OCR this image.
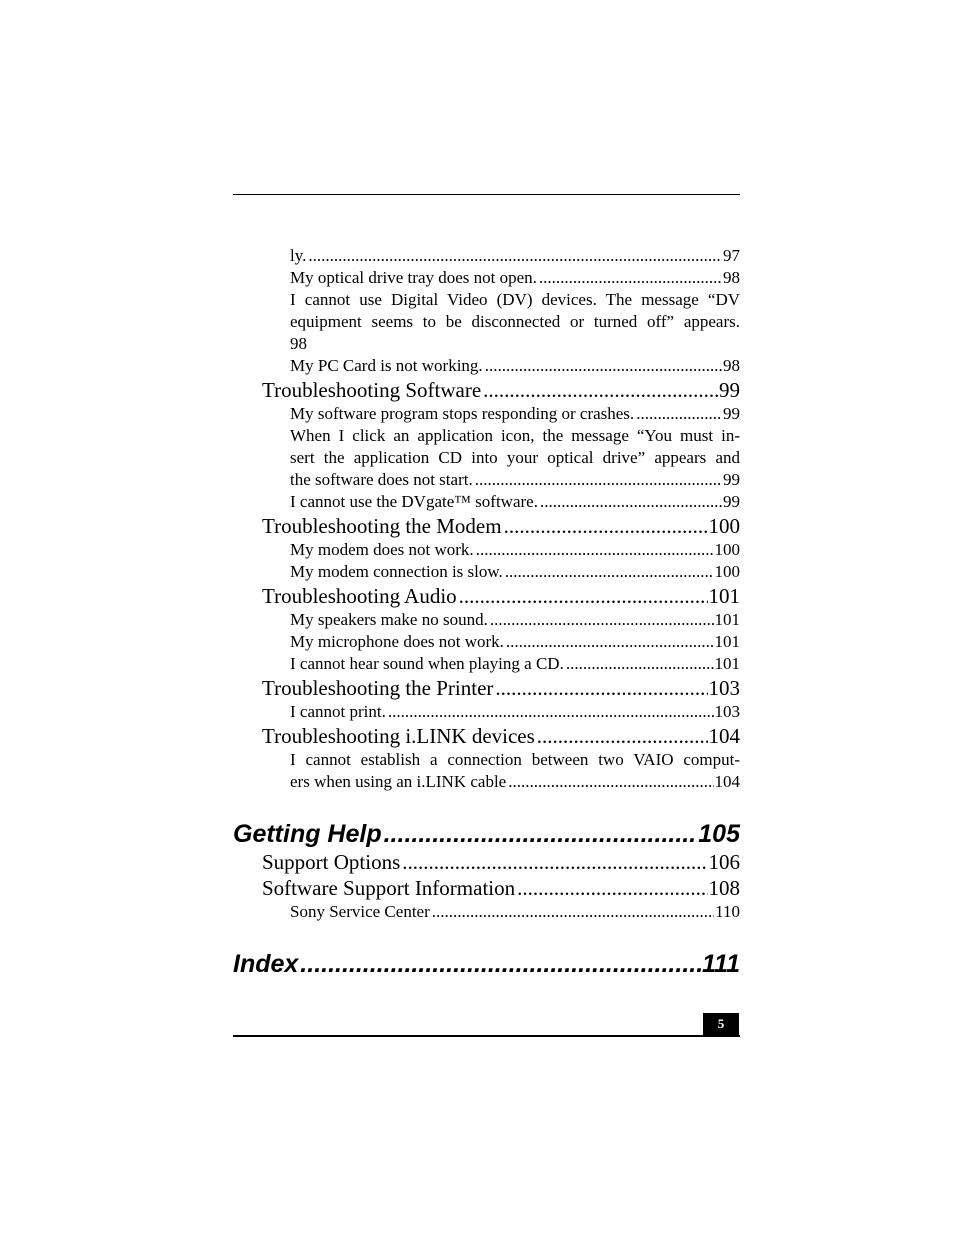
ly. .....	97
My optical drive tray does not open. .....	98
I cannot use Digital Video (DV) devices. The message “DV
equipment seems to be disconnected or turned off” appears.
98
My PC Card is not working. .....	98
Troubleshooting Software .....	99
My software program stops responding or crashes. .....	99
When I click an application icon, the message “You must in-
sert the application CD into your optical drive” appears and
the software does not start. .....	99
I cannot use the DVgate™ software. .....	99
Troubleshooting the Modem .....	100
My modem does not work. .....	100
My modem connection is slow. .....	100
Troubleshooting Audio .....	101
My speakers make no sound. .....	101
My microphone does not work. .....	101
I cannot hear sound when playing a CD. .....	101
Troubleshooting the Printer .....	103
I cannot print. .....	103
Troubleshooting i.LINK devices .....	104
I cannot establish a connection between two VAIO comput-
ers when using an i.LINK cable .....	104
Getting Help .....	105
Support Options .....	106
Software Support Information .....	108
Sony Service Center .....	110
Index .....	111
5
